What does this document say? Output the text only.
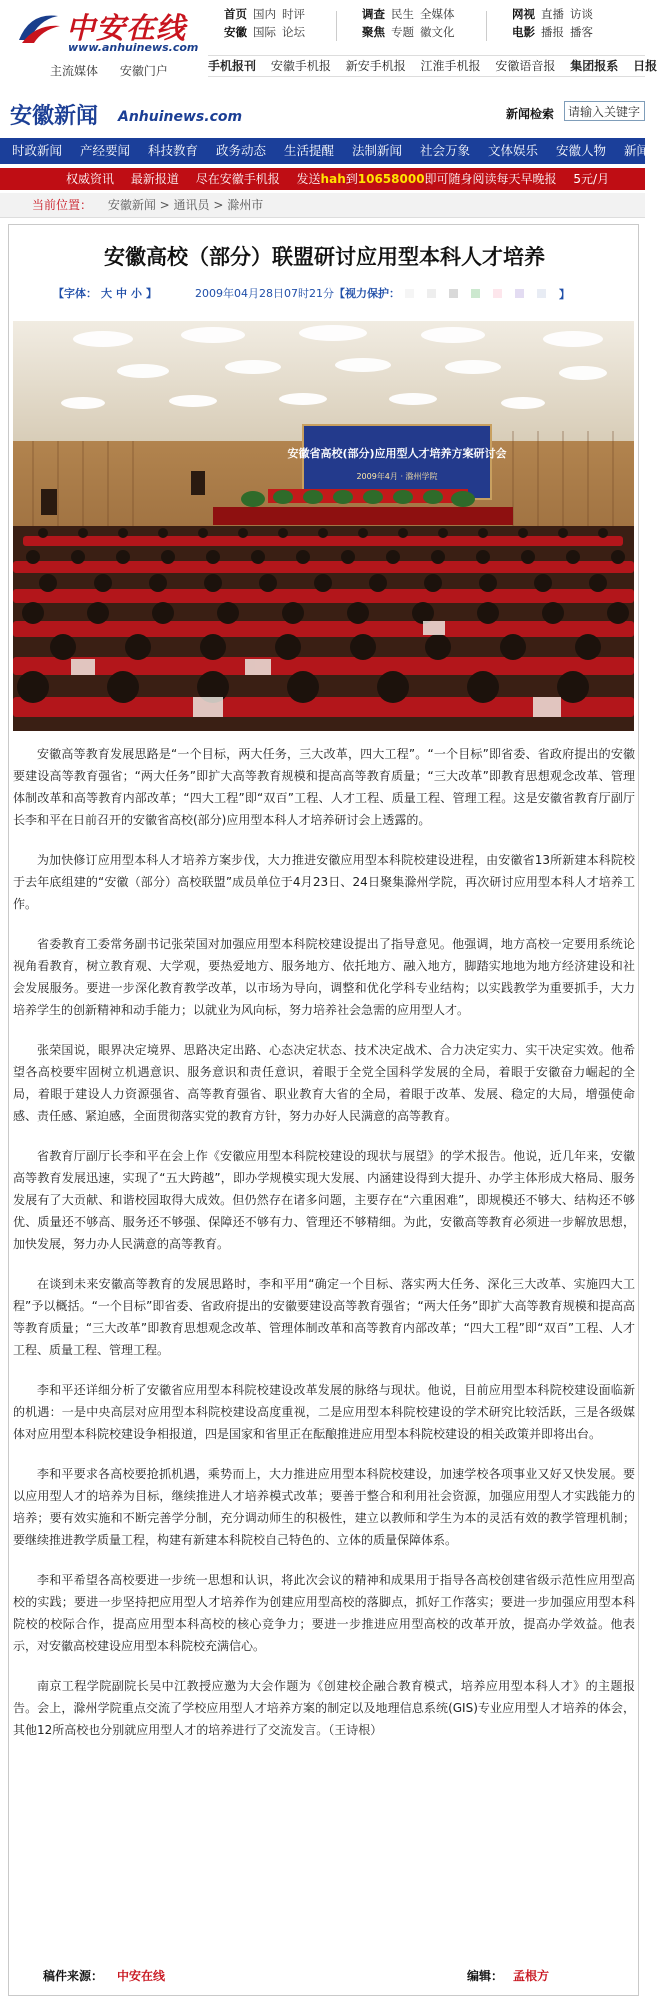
中安在线
www.anhuinews.com
主流媒体 安徽门户
首页 国内 时评
安徽 国际 论坛
调查 民生 全媒体
聚焦 专题 徽文化
网视 直播 访谈
电影 播报 播客
手机报刊 安徽手机报 新安手机报 江淮手机报 安徽语音报 集团报系 日报
安徽新闻 Anhuinews.com	新闻检索
请输入关键字
时政新闻 产经要闻 科技教育 政务动态 生活提醒 法制新闻 社会万象 文体娱乐 安徽人物 新闻
权威资讯 最新报道 尽在安徽手机报 发送hah到10658000即可随身阅读每天早晚报 5元/月
当前位置： 安徽新闻 > 通讯员 > 滁州市
安徽高校（部分）联盟研讨应用型本科人才培养
【字体： 大 中 小 】	2009年04月28日07时21分 【视力保护：	】
安徽省高校(部分)应用型人才培养方案研讨会
2009年4月 · 滁州学院

安徽高等教育发展思路是“一个目标，两大任务，三大改革，四大工程”。“一个目标”即省委、省政府提出的安徽要建设高等教育强省；“两大任务”即扩大高等教育规模和提高高等教育质量；“三大改革”即教育思想观念改革、管理体制改革和高等教育内部改革；“四大工程”即“双百”工程、人才工程、质量工程、管理工程。这是安徽省教育厅副厅长李和平在日前召开的安徽省高校(部分)应用型本科人才培养研讨会上透露的。

为加快修订应用型本科人才培养方案步伐，大力推进安徽应用型本科院校建设进程，由安徽省13所新建本科院校于去年底组建的“安徽（部分）高校联盟”成员单位于4月23日、24日聚集滁州学院，再次研讨应用型本科人才培养工作。

省委教育工委常务副书记张荣国对加强应用型本科院校建设提出了指导意见。他强调，地方高校一定要用系统论视角看教育，树立教育观、大学观，要热爱地方、服务地方、依托地方、融入地方，脚踏实地地为地方经济建设和社会发展服务。要进一步深化教育教学改革，以市场为导向，调整和优化学科专业结构；以实践教学为重要抓手，大力培养学生的创新精神和动手能力；以就业为风向标，努力培养社会急需的应用型人才。

张荣国说，眼界决定境界、思路决定出路、心态决定状态、技术决定战术、合力决定实力、实干决定实效。他希望各高校要牢固树立机遇意识、服务意识和责任意识，着眼于全党全国科学发展的全局，着眼于安徽奋力崛起的全局，着眼于建设人力资源强省、高等教育强省、职业教育大省的全局，着眼于改革、发展、稳定的大局，增强使命感、责任感、紧迫感，全面贯彻落实党的教育方针，努力办好人民满意的高等教育。

省教育厅副厅长李和平在会上作《安徽应用型本科院校建设的现状与展望》的学术报告。他说，近几年来，安徽高等教育发展迅速，实现了“五大跨越”，即办学规模实现大发展、内涵建设得到大提升、办学主体形成大格局、服务发展有了大贡献、和谐校园取得大成效。但仍然存在诸多问题，主要存在“六重困难”，即规模还不够大、结构还不够优、质量还不够高、服务还不够强、保障还不够有力、管理还不够精细。为此，安徽高等教育必须进一步解放思想，加快发展，努力办人民满意的高等教育。

在谈到未来安徽高等教育的发展思路时，李和平用“确定一个目标、落实两大任务、深化三大改革、实施四大工程”予以概括。“一个目标”即省委、省政府提出的安徽要建设高等教育强省；“两大任务”即扩大高等教育规模和提高高等教育质量；“三大改革”即教育思想观念改革、管理体制改革和高等教育内部改革；“四大工程”即“双百”工程、人才工程、质量工程、管理工程。

李和平还详细分析了安徽省应用型本科院校建设改革发展的脉络与现状。他说，目前应用型本科院校建设面临新的机遇：一是中央高层对应用型本科院校建设高度重视，二是应用型本科院校建设的学术研究比较活跃，三是各级媒体对应用型本科院校建设争相报道，四是国家和省里正在酝酿推进应用型本科院校建设的相关政策并即将出台。

李和平要求各高校要抢抓机遇，乘势而上，大力推进应用型本科院校建设，加速学校各项事业又好又快发展。要以应用型人才的培养为目标，继续推进人才培养模式改革；要善于整合和利用社会资源，加强应用型人才实践能力的培养；要有效实施和不断完善学分制，充分调动师生的积极性，建立以教师和学生为本的灵活有效的教学管理机制；要继续推进教学质量工程，构建有新建本科院校自己特色的、立体的质量保障体系。

李和平希望各高校要进一步统一思想和认识，将此次会议的精神和成果用于指导各高校创建省级示范性应用型高校的实践；要进一步坚持把应用型人才培养作为创建应用型高校的落脚点，抓好工作落实；要进一步加强应用型本科院校的校际合作，提高应用型本科高校的核心竞争力；要进一步推进应用型高校的改革开放，提高办学效益。他表示，对安徽高校建设应用型本科院校充满信心。

南京工程学院副院长吴中江教授应邀为大会作题为《创建校企融合教育模式，培养应用型本科人才》的主题报告。会上，滁州学院重点交流了学校应用型人才培养方案的制定以及地理信息系统(GIS)专业应用型人才培养的体会，其他12所高校也分别就应用型人才的培养进行了交流发言。（王诗根）

稿件来源： 中安在线	编辑： 孟根方
